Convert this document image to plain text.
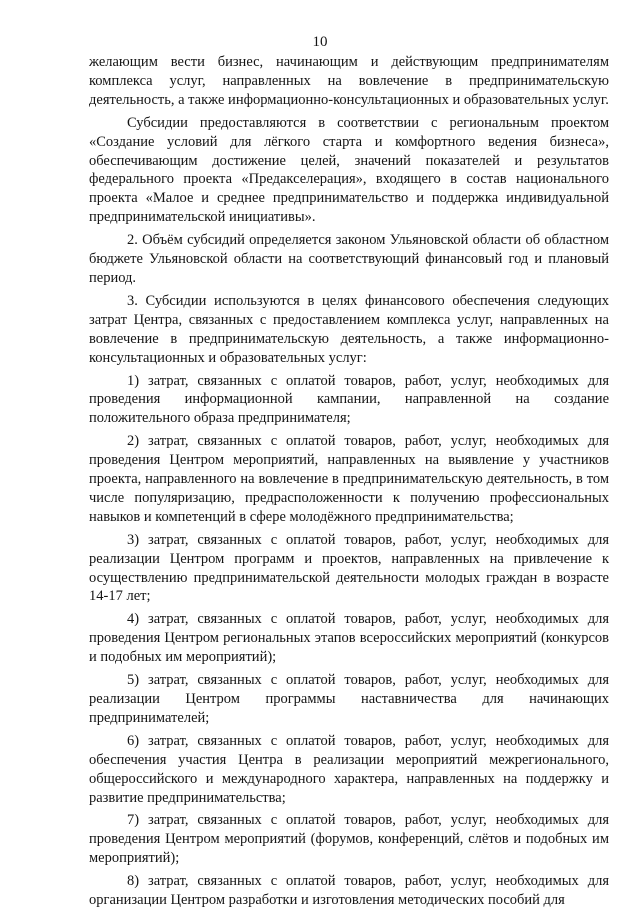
10

желающим вести бизнес, начинающим и действующим предпринимателям комплекса услуг, направленных на вовлечение в предпринимательскую деятельность, а также информационно-консультационных и образовательных услуг.

Субсидии предоставляются в соответствии с региональным проектом «Создание условий для лёгкого старта и комфортного ведения бизнеса», обеспечивающим достижение целей, значений показателей и результатов федерального проекта «Предакселерация», входящего в состав национального проекта «Малое и среднее предпринимательство и поддержка индивидуальной предпринимательской инициативы».

2. Объём субсидий определяется законом Ульяновской области об областном бюджете Ульяновской области на соответствующий финансовый год и плановый период.

3. Субсидии используются в целях финансового обеспечения следующих затрат Центра, связанных с предоставлением комплекса услуг, направленных на вовлечение в предпринимательскую деятельность, а также информационно-консультационных и образовательных услуг:

1) затрат, связанных с оплатой товаров, работ, услуг, необходимых для проведения информационной кампании, направленной на создание положительного образа предпринимателя;

2) затрат, связанных с оплатой товаров, работ, услуг, необходимых для проведения Центром мероприятий, направленных на выявление у участников проекта, направленного на вовлечение в предпринимательскую деятельность, в том числе популяризацию, предрасположенности к получению профессиональных навыков и компетенций в сфере молодёжного предпринимательства;

3) затрат, связанных с оплатой товаров, работ, услуг, необходимых для реализации Центром программ и проектов, направленных на привлечение к осуществлению предпринимательской деятельности молодых граждан в возрасте 14-17 лет;

4) затрат, связанных с оплатой товаров, работ, услуг, необходимых для проведения Центром региональных этапов всероссийских мероприятий (конкурсов и подобных им мероприятий);

5) затрат, связанных с оплатой товаров, работ, услуг, необходимых для реализации Центром программы наставничества для начинающих предпринимателей;

6) затрат, связанных с оплатой товаров, работ, услуг, необходимых для обеспечения участия Центра в реализации мероприятий межрегионального, общероссийского и международного характера, направленных на поддержку и развитие предпринимательства;

7) затрат, связанных с оплатой товаров, работ, услуг, необходимых для проведения Центром мероприятий (форумов, конференций, слётов и подобных им мероприятий);

8) затрат, связанных с оплатой товаров, работ, услуг, необходимых для организации Центром разработки и изготовления методических пособий для
